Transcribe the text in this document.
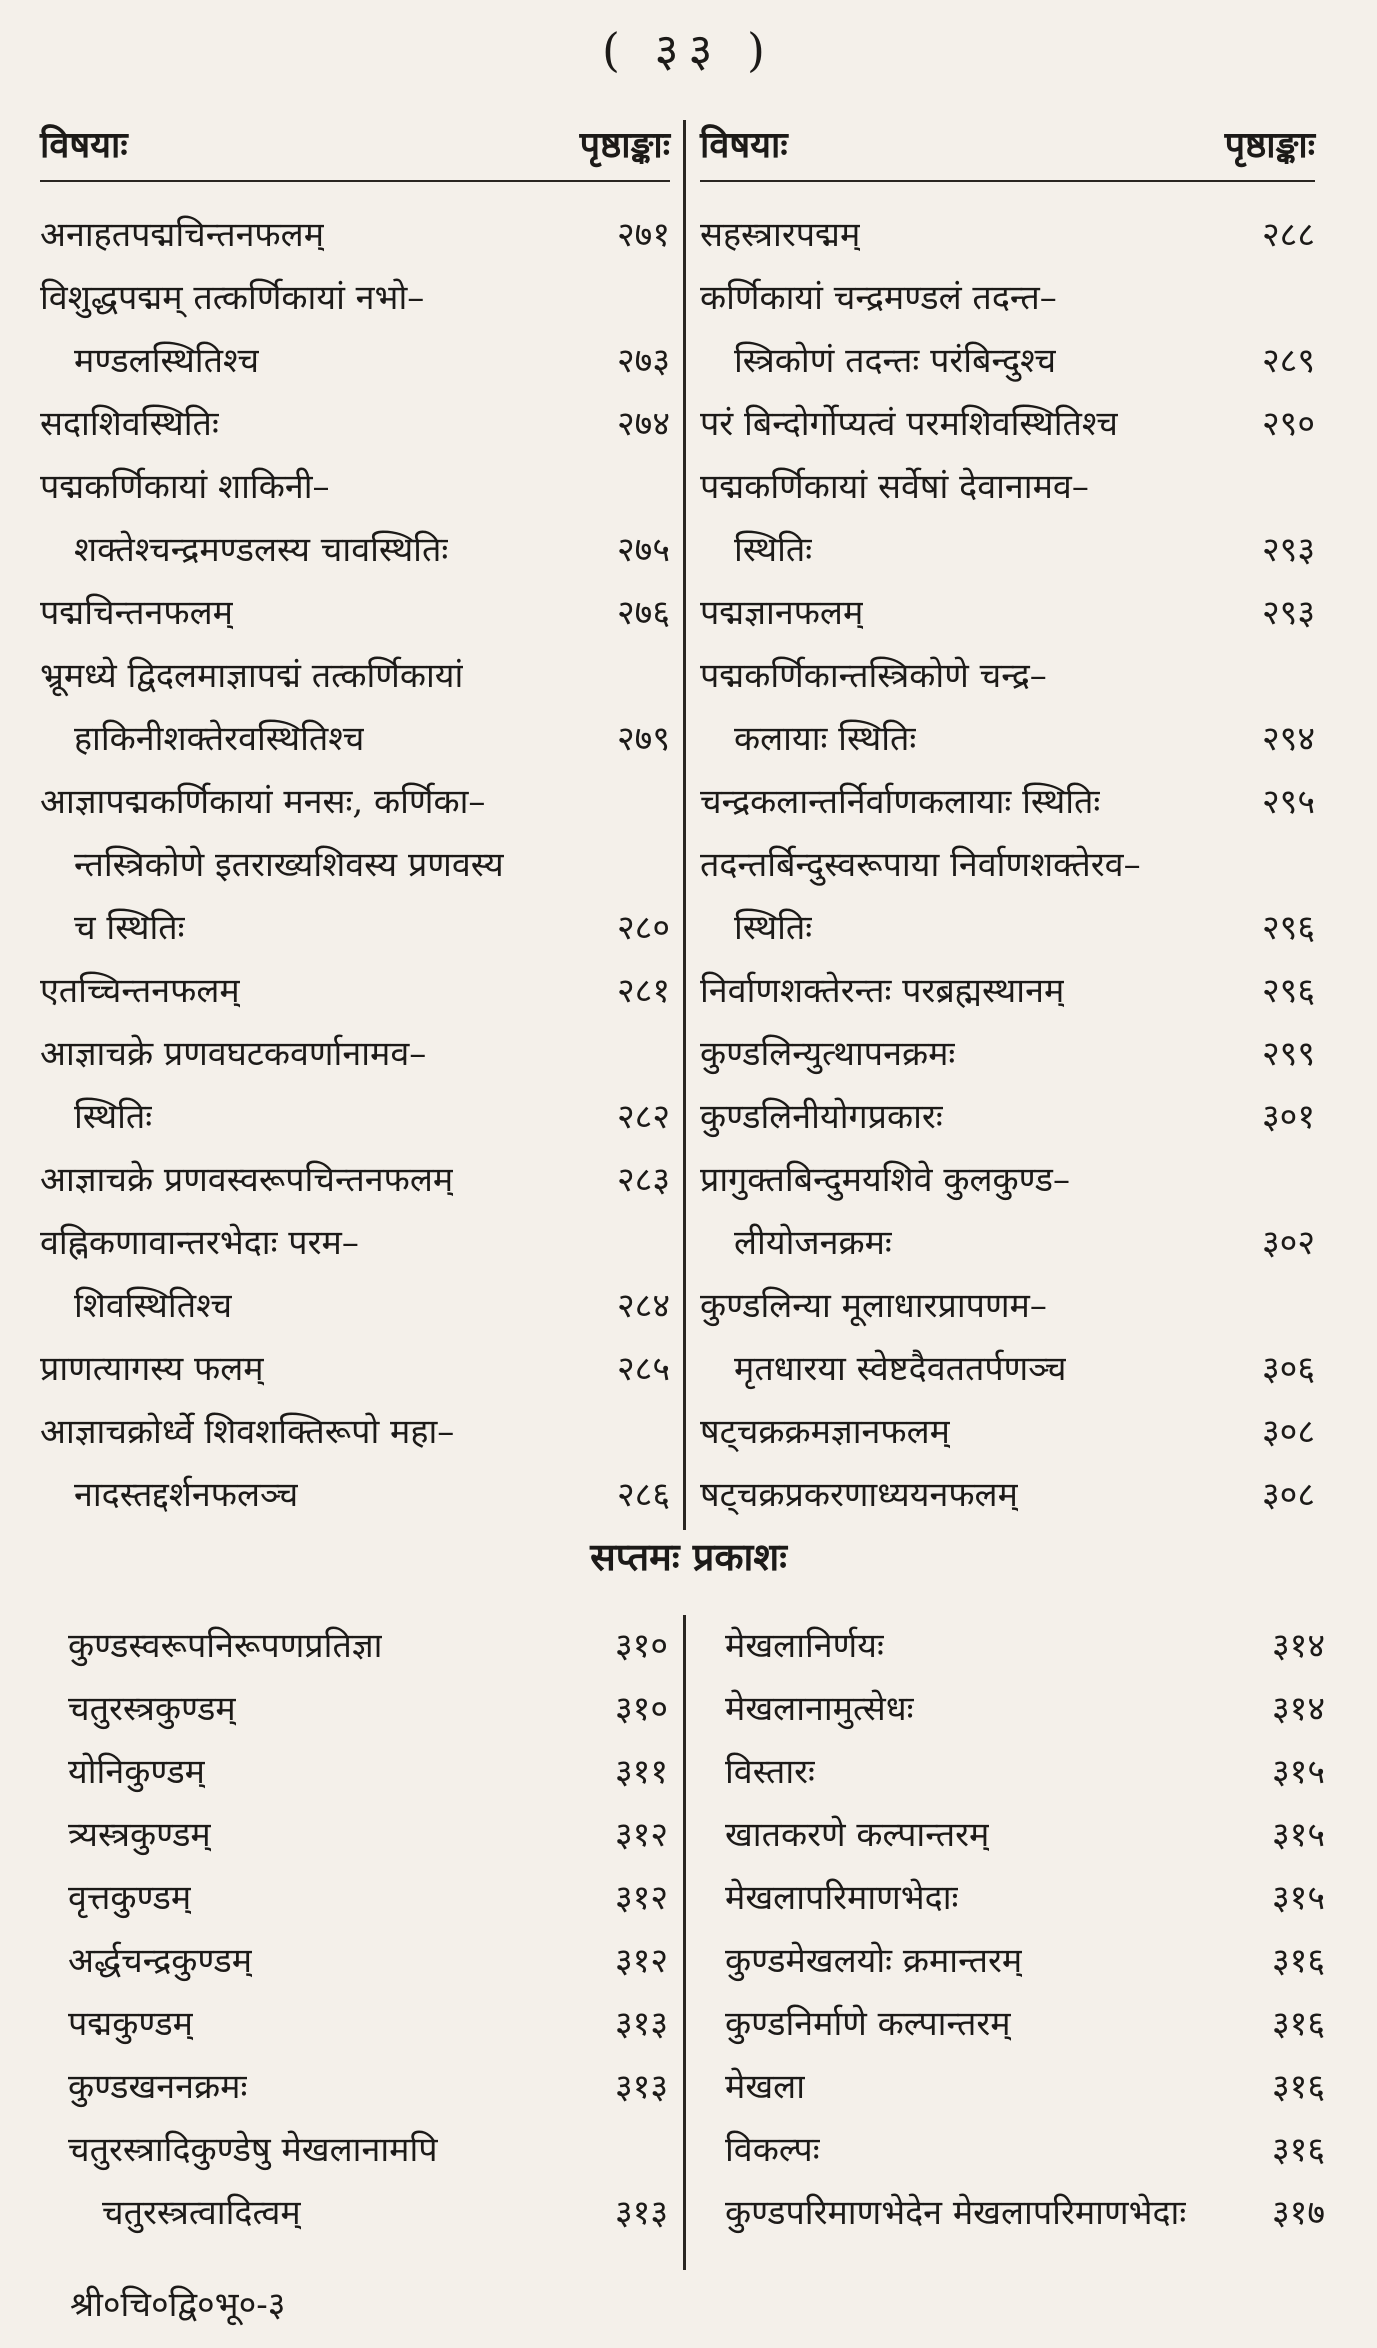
( ३३ )
विषयाः	पृष्ठाङ्काः
अनाहतपद्मचिन्तनफलम्	२७१
विशुद्धपद्मम् तत्कर्णिकायां नभो–
मण्डलस्थितिश्च	२७३
सदाशिवस्थितिः	२७४
पद्मकर्णिकायां शाकिनी–
शक्तेश्चन्द्रमण्डलस्य चावस्थितिः	२७५
पद्मचिन्तनफलम्	२७६
भ्रूमध्ये द्विदलमाज्ञापद्मं तत्कर्णिकायां
हाकिनीशक्तेरवस्थितिश्च	२७९
आज्ञापद्मकर्णिकायां मनसः, कर्णिका–
न्तस्त्रिकोणे इतराख्यशिवस्य प्रणवस्य
च स्थितिः	२८०
एतच्चिन्तनफलम्	२८१
आज्ञाचक्रे प्रणवघटकवर्णानामव–
स्थितिः	२८२
आज्ञाचक्रे प्रणवस्वरूपचिन्तनफलम्	२८३
वह्निकणावान्तरभेदाः परम–
शिवस्थितिश्च	२८४
प्राणत्यागस्य फलम्	२८५
आज्ञाचक्रोर्ध्वे शिवशक्तिरूपो महा–
नादस्तद्दर्शनफलञ्च	२८६
विषयाः	पृष्ठाङ्काः
सहस्त्रारपद्मम्	२८८
कर्णिकायां चन्द्रमण्डलं तदन्त–
स्त्रिकोणं तदन्तः परंबिन्दुश्च	२८९
परं बिन्दोर्गोप्यत्वं परमशिवस्थितिश्च	२९०
पद्मकर्णिकायां सर्वेषां देवानामव–
स्थितिः	२९३
पद्मज्ञानफलम्	२९३
पद्मकर्णिकान्तस्त्रिकोणे चन्द्र–
कलायाः स्थितिः	२९४
चन्द्रकलान्तर्निर्वाणकलायाः स्थितिः	२९५
तदन्तर्बिन्दुस्वरूपाया निर्वाणशक्तेरव–
स्थितिः	२९६
निर्वाणशक्तेरन्तः परब्रह्मस्थानम्	२९६
कुण्डलिन्युत्थापनक्रमः	२९९
कुण्डलिनीयोगप्रकारः	३०१
प्रागुक्तबिन्दुमयशिवे कुलकुण्ड–
लीयोजनक्रमः	३०२
कुण्डलिन्या मूलाधारप्रापणम–
मृतधारया स्वेष्टदैवततर्पणञ्च	३०६
षट्चक्रक्रमज्ञानफलम्	३०८
षट्चक्रप्रकरणाध्ययनफलम्	३०८
सप्तमः प्रकाशः
कुण्डस्वरूपनिरूपणप्रतिज्ञा	३१०
चतुरस्त्रकुण्डम्	३१०
योनिकुण्डम्	३११
त्र्यस्त्रकुण्डम्	३१२
वृत्तकुण्डम्	३१२
अर्द्धचन्द्रकुण्डम्	३१२
पद्मकुण्डम्	३१३
कुण्डखननक्रमः	३१३
चतुरस्त्रादिकुण्डेषु मेखलानामपि
चतुरस्त्रत्वादित्वम्	३१३
मेखलानिर्णयः	३१४
मेखलानामुत्सेधः	३१४
विस्तारः	३१५
खातकरणे कल्पान्तरम्	३१५
मेखलापरिमाणभेदाः	३१५
कुण्डमेखलयोः क्रमान्तरम्	३१६
कुण्डनिर्माणे कल्पान्तरम्	३१६
मेखला	३१६
विकल्पः	३१६
कुण्डपरिमाणभेदेन मेखलापरिमाणभेदाः	३१७
श्री०चि०द्वि०भू०-३
